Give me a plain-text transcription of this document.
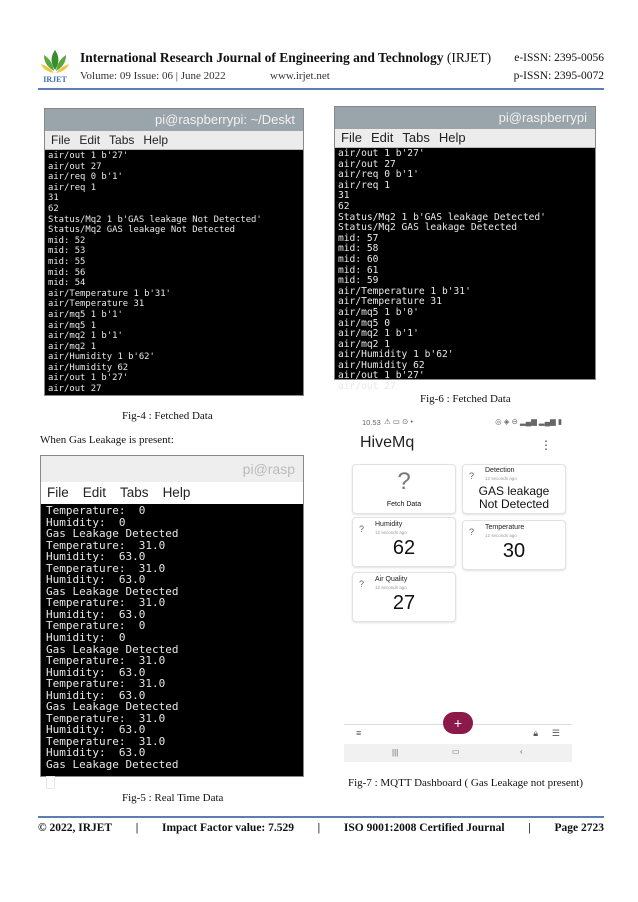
IRJET
International Research Journal of Engineering and Technology (IRJET) e-ISSN: 2395-0056
Volume: 09 Issue: 06 | June 2022	www.irjet.net	p-ISSN: 2395-0072
pi@raspberrypi: ~/Deskt
File Edit Tabs Help
air/out 1 b'27'
air/out 27
air/req 0 b'1'
air/req 1
31
62
Status/Mq2 1 b'GAS leakage Not Detected'
Status/Mq2 GAS leakage Not Detected
mid: 52
mid: 53
mid: 55
mid: 56
mid: 54
air/Temperature 1 b'31'
air/Temperature 31
air/mq5 1 b'1'
air/mq5 1
air/mq2 1 b'1'
air/mq2 1
air/Humidity 1 b'62'
air/Humidity 62
air/out 1 b'27'
air/out 27
Fig-4 : Fetched Data
pi@raspberrypi
File Edit Tabs Help
air/out 1 b'27'
air/out 27
air/req 0 b'1'
air/req 1
31
62
Status/Mq2 1 b'GAS leakage Detected'
Status/Mq2 GAS leakage Detected
mid: 57
mid: 58
mid: 60
mid: 61
mid: 59
air/Temperature 1 b'31'
air/Temperature 31
air/mq5 1 b'0'
air/mq5 0
air/mq2 1 b'1'
air/mq2 1
air/Humidity 1 b'62'
air/Humidity 62
air/out 1 b'27'
air/out 27
Fig-6 : Fetched Data
When Gas Leakage is present:
pi@rasp
File Edit Tabs Help
Temperature:  0
Humidity:  0
Gas Leakage Detected
Temperature:  31.0
Humidity:  63.0
Temperature:  31.0
Humidity:  63.0
Gas Leakage Detected
Temperature:  31.0
Humidity:  63.0
Temperature:  0
Humidity:  0
Gas Leakage Detected
Temperature:  31.0
Humidity:  63.0
Temperature:  31.0
Humidity:  63.0
Gas Leakage Detected
Temperature:  31.0
Humidity:  63.0
Temperature:  31.0
Humidity:  63.0
Gas Leakage Detected
Fig-5 : Real Time Data
10.53 ⚠ ▭ ⊙ •	◎ ◈ ⊖ ▂▄▆ ▂▄▆ ▮
HiveMq	⋮
?
Fetch Data
?
Detection
12 seconds ago
GAS leakage
Not Detected
? Humidity
12 seconds ago
62
? Temperature
12 seconds ago
30
? Air Quality
12 seconds ago
27
≡	🔒︎ ☰
+
|||	▭	‹
Fig-7 : MQTT Dashboard ( Gas Leakage not present)
© 2022, IRJET | Impact Factor value: 7.529 | ISO 9001:2008 Certified Journal | Page 2723
